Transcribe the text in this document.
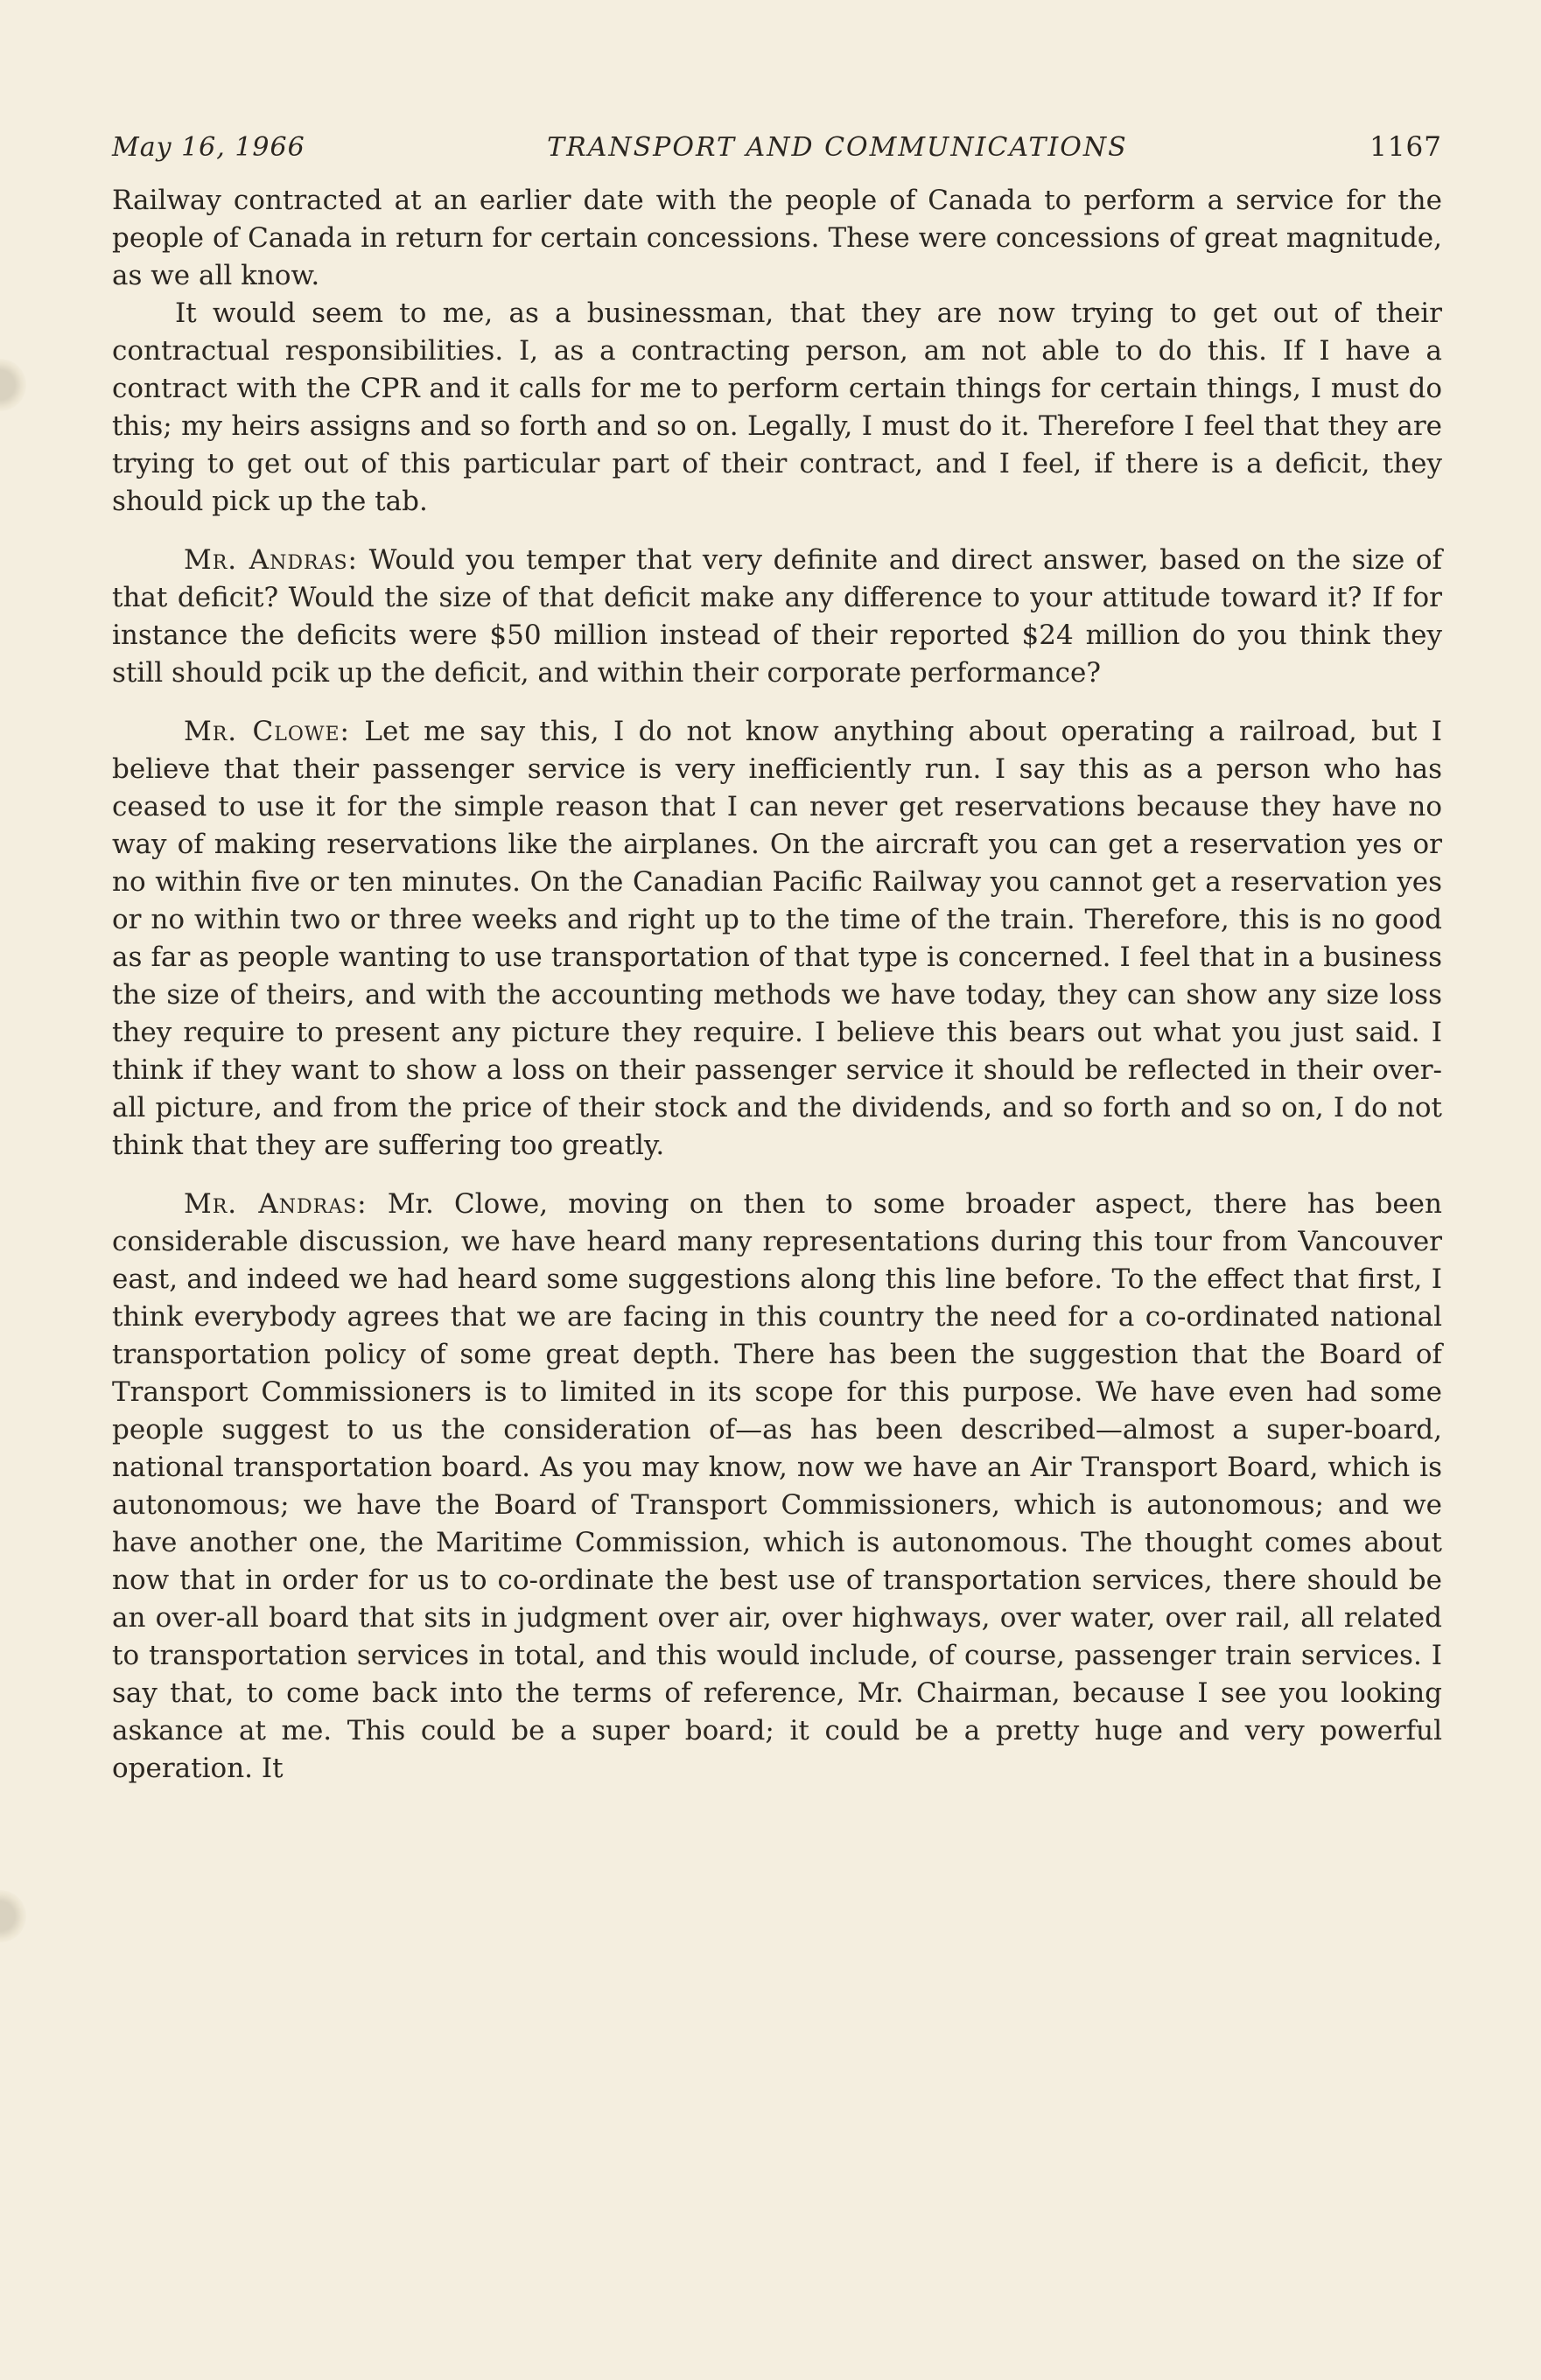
May 16, 1966	TRANSPORT AND COMMUNICATIONS	1167

Railway contracted at an earlier date with the people of Canada to perform a service for the people of Canada in return for certain concessions. These were concessions of great magnitude, as we all know.

It would seem to me, as a businessman, that they are now trying to get out of their contractual responsibilities. I, as a contracting person, am not able to do this. If I have a contract with the CPR and it calls for me to perform certain things for certain things, I must do this; my heirs assigns and so forth and so on. Legally, I must do it. Therefore I feel that they are trying to get out of this particular part of their contract, and I feel, if there is a deficit, they should pick up the tab.

Mr. Andras: Would you temper that very definite and direct answer, based on the size of that deficit? Would the size of that deficit make any difference to your attitude toward it? If for instance the deficits were $50 million instead of their reported $24 million do you think they still should pcik up the deficit, and within their corporate performance?

Mr. Clowe: Let me say this, I do not know anything about operating a railroad, but I believe that their passenger service is very inefficiently run. I say this as a person who has ceased to use it for the simple reason that I can never get reservations because they have no way of making reservations like the airplanes. On the aircraft you can get a reservation yes or no within five or ten minutes. On the Canadian Pacific Railway you cannot get a reservation yes or no within two or three weeks and right up to the time of the train. Therefore, this is no good as far as people wanting to use transportation of that type is concerned. I feel that in a business the size of theirs, and with the accounting methods we have today, they can show any size loss they require to present any picture they require. I believe this bears out what you just said. I think if they want to show a loss on their passenger service it should be reflected in their over-all picture, and from the price of their stock and the dividends, and so forth and so on, I do not think that they are suffering too greatly.

Mr. Andras: Mr. Clowe, moving on then to some broader aspect, there has been considerable discussion, we have heard many representations during this tour from Vancouver east, and indeed we had heard some suggestions along this line before. To the effect that first, I think everybody agrees that we are facing in this country the need for a co-ordinated national transportation policy of some great depth. There has been the suggestion that the Board of Transport Commissioners is to limited in its scope for this purpose. We have even had some people suggest to us the consideration of—as has been described—almost a super-board, national transportation board. As you may know, now we have an Air Transport Board, which is autonomous; we have the Board of Transport Commissioners, which is autonomous; and we have another one, the Maritime Commission, which is autonomous. The thought comes about now that in order for us to co-ordinate the best use of transportation services, there should be an over-all board that sits in judgment over air, over highways, over water, over rail, all related to transportation services in total, and this would include, of course, passenger train services. I say that, to come back into the terms of reference, Mr. Chairman, because I see you looking askance at me. This could be a super board; it could be a pretty huge and very powerful operation. It
